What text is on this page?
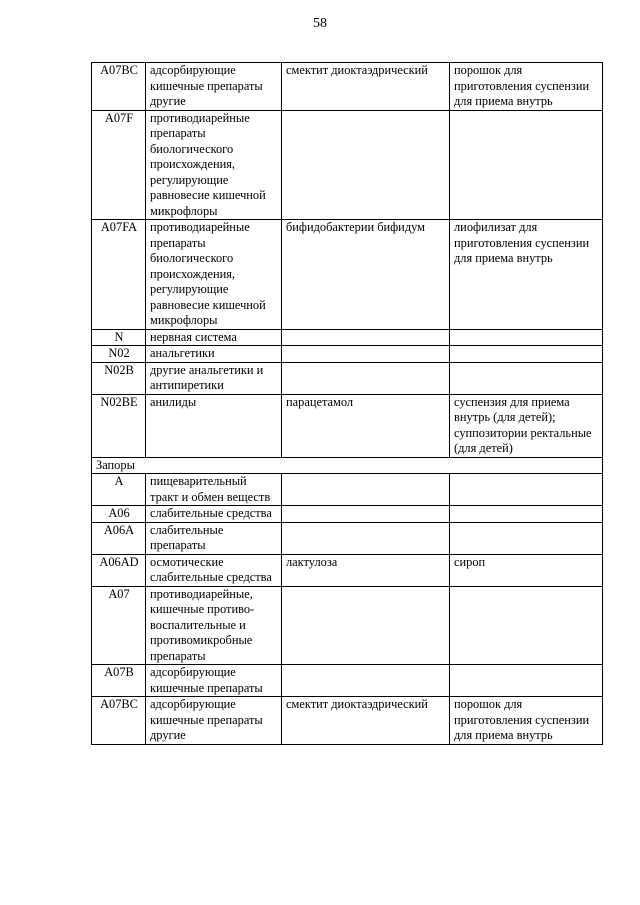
58
A07BC	адсорбирующие кишечные препараты другие	смектит диоктаэдрический	порошок для приготовления суспензии для приема внутрь
A07F	противодиарейные препараты биологического происхождения, регулирующие равновесие кишечной микрофлоры		
A07FA	противодиарейные препараты биологического происхождения, регулирующие равновесие кишечной микрофлоры	бифидобактерии бифидум	лиофилизат для приготовления суспензии для приема внутрь
N	нервная система		
N02	анальгетики		
N02B	другие анальгетики и антипиретики		
N02BE	анилиды	парацетамол	суспензия для приема внутрь (для детей); суппозитории ректальные (для детей)
Запоры			
A	пищеварительный тракт и обмен веществ		
A06	слабительные средства		
A06A	слабительные препараты		
A06AD	осмотические слабительные средства	лактулоза	сироп
A07	противодиарейные, кишечные противо-воспалительные и противомикробные препараты		
A07B	адсорбирующие кишечные препараты		
A07BC	адсорбирующие кишечные препараты другие	смектит диоктаэдрический	порошок для приготовления суспензии для приема внутрь
